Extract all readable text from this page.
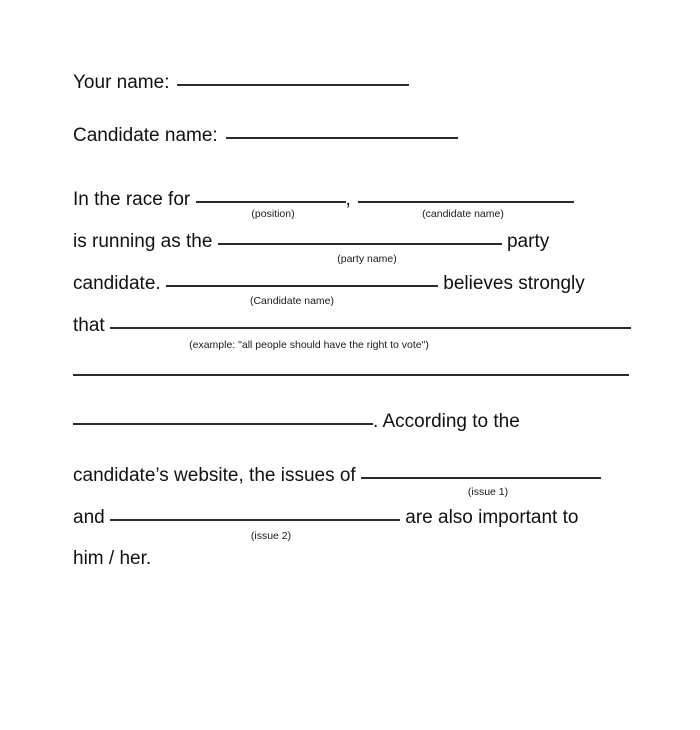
Your name:
Candidate name:
In the race for	,
(position)	(candidate name)
is running as the	party
(party name)
candidate.	believes strongly
(Candidate name)
that
(example: "all people should have the right to vote")
. According to the
candidate’s website, the issues of
(issue 1)
and	are also important to
(issue 2)
him / her.
